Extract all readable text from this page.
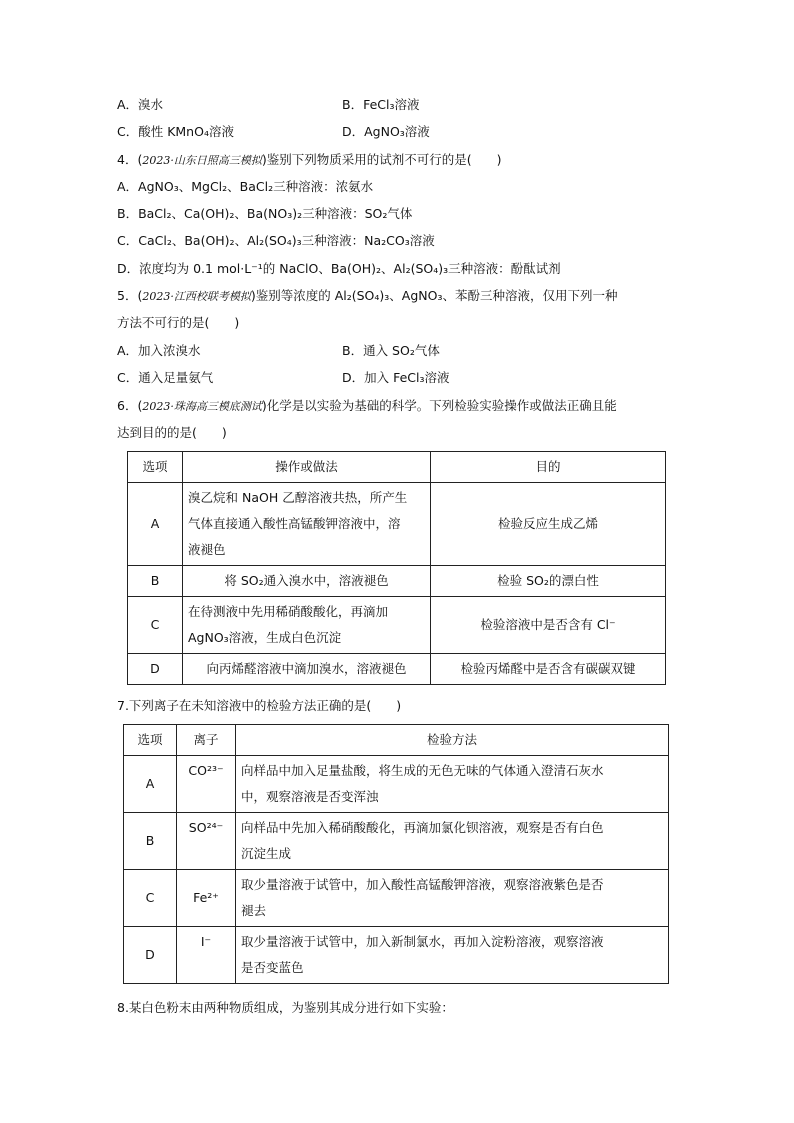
A．溴水	B．FeCl₃溶液
C．酸性 KMnO₄溶液	D．AgNO₃溶液
4．(2023·山东日照高三模拟)鉴别下列物质采用的试剂不可行的是(　　)
A．AgNO₃、MgCl₂、BaCl₂三种溶液：浓氨水
B．BaCl₂、Ca(OH)₂、Ba(NO₃)₂三种溶液：SO₂气体
C．CaCl₂、Ba(OH)₂、Al₂(SO₄)₃三种溶液：Na₂CO₃溶液
D．浓度均为 0.1 mol·L⁻¹的 NaClO、Ba(OH)₂、Al₂(SO₄)₃三种溶液：酚酞试剂
5．(2023·江西校联考模拟)鉴别等浓度的 Al₂(SO₄)₃、AgNO₃、苯酚三种溶液，仅用下列一种
方法不可行的是(　　)
A．加入浓溴水	B．通入 SO₂气体
C．通入足量氨气	D．加入 FeCl₃溶液
6．(2023·珠海高三模底测试)化学是以实验为基础的科学。下列检验实验操作或做法正确且能
达到目的的是(　　)
选项	操作或做法	目的
A	溴乙烷和 NaOH 乙醇溶液共热，所产生
气体直接通入酸性高锰酸钾溶液中，溶
液褪色	检验反应生成乙烯
B	将 SO₂通入溴水中，溶液褪色	检验 SO₂的漂白性
C	在待测液中先用稀硝酸酸化，再滴加
AgNO₃溶液，生成白色沉淀	检验溶液中是否含有 Cl⁻
D	向丙烯醛溶液中滴加溴水，溶液褪色	检验丙烯醛中是否含有碳碳双键
7.下列离子在未知溶液中的检验方法正确的是(　　)
选项	离子	检验方法
A	CO²³⁻	向样品中加入足量盐酸，将生成的无色无味的气体通入澄清石灰水
中，观察溶液是否变浑浊

B	SO²⁴⁻	向样品中先加入稀硝酸酸化，再滴加氯化钡溶液，观察是否有白色
沉淀生成

C	Fe²⁺	取少量溶液于试管中，加入酸性高锰酸钾溶液，观察溶液紫色是否
褪去

D	I⁻	取少量溶液于试管中，加入新制氯水，再加入淀粉溶液，观察溶液
是否变蓝色
8.某白色粉末由两种物质组成，为鉴别其成分进行如下实验：
